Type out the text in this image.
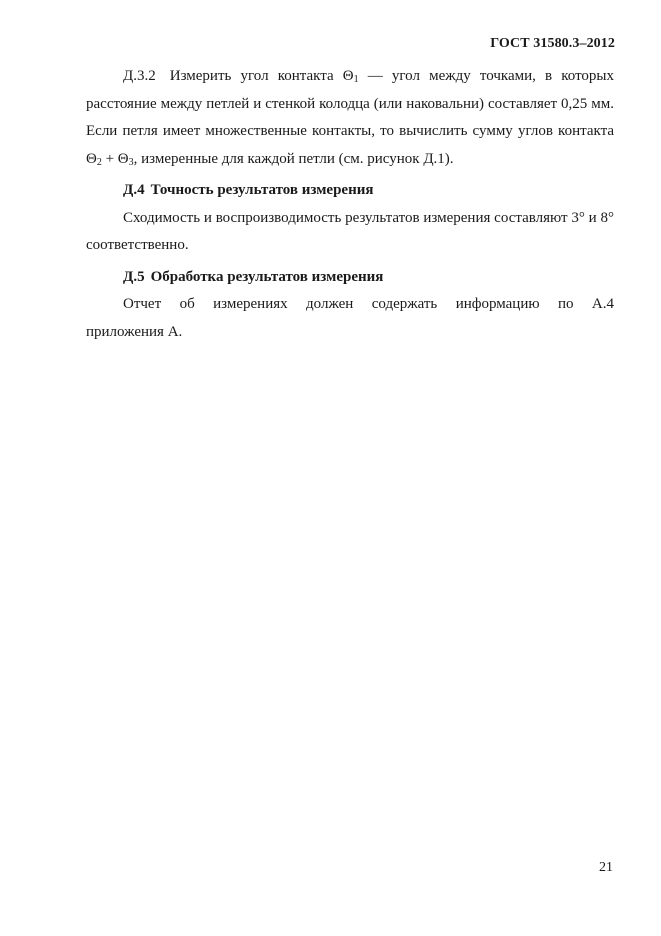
ГОСТ 31580.3–2012

Д.3.2 Измерить угол контакта $\Theta_1$ — угол между точками, в которых расстояние между петлей и стенкой колодца (или наковальни) составляет 0,25 мм. Если петля имеет множественные контакты, то вычислить сумму углов контакта $\Theta_2 + \Theta_3$, измеренные для каждой петли (см. рисунок Д.1).

Д.4 Точность результатов измерения

Сходимость и воспроизводимость результатов измерения составляют 3° и 8° соответственно.

Д.5 Обработка результатов измерения

Отчет об измерениях должен содержать информацию по А.4

приложения А.

21
